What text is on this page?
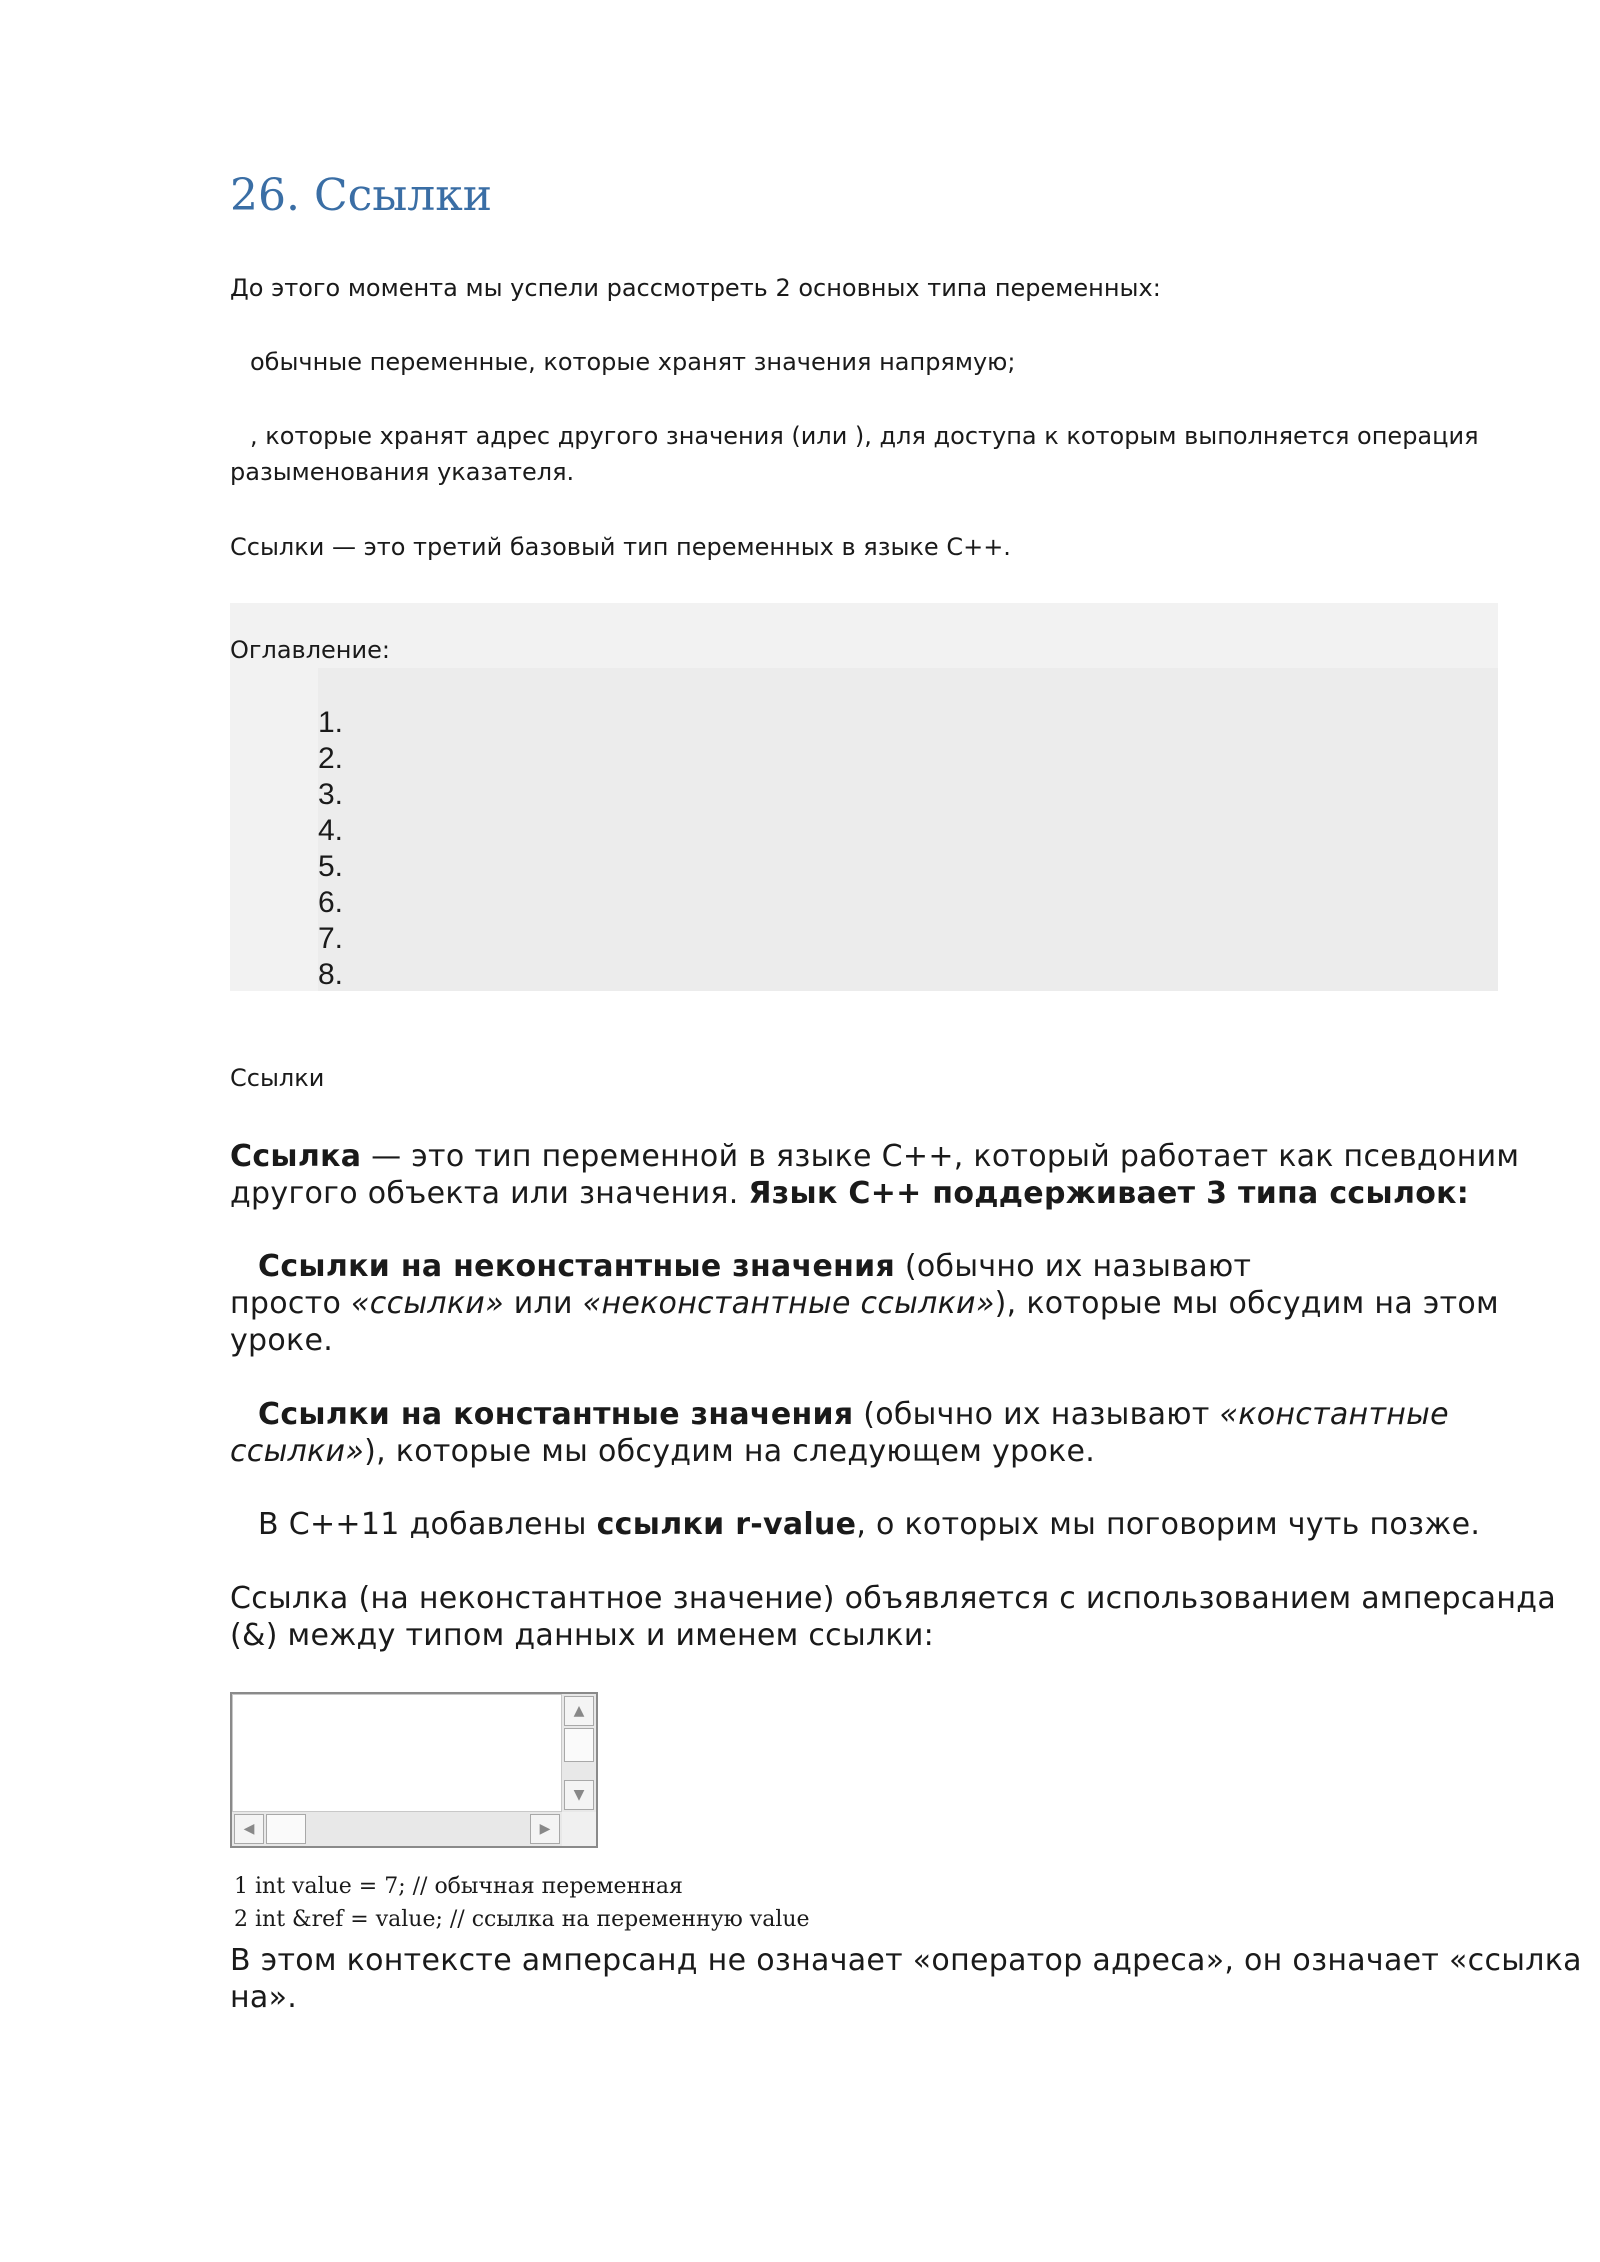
26. Ссылки
До этого момента мы успели рассмотреть 2 основных типа переменных:
обычные переменные, которые хранят значения напрямую;
, которые хранят адрес другого значения (или ), для доступа к которым выполняется операция
разыменования указателя.
Ссылки — это третий базовый тип переменных в языке C++.
Оглавление:
1.
2.
3.
4.
5.
6.
7.
8.
Ссылки
Ссылка — это тип переменной в языке C++, который работает как псевдоним
другого объекта или значения. Язык C++ поддерживает 3 типа ссылок:
Ссылки на неконстантные значения (обычно их называют
просто «ссылки» или «неконстантные ссылки»), которые мы обсудим на этом
уроке.
Ссылки на константные значения (обычно их называют «константные
ссылки»), которые мы обсудим на следующем уроке.
В C++11 добавлены ссылки r-value, о которых мы поговорим чуть позже.
Ссылка (на неконстантное значение) объявляется с использованием амперсанда
(&) между типом данных и именем ссылки:
▲
▼
◀	▶
1 int value = 7; // обычная переменная
2 int &ref = value; // ссылка на переменную value
В этом контексте амперсанд не означает «оператор адреса», он означает «ссылка
на».
